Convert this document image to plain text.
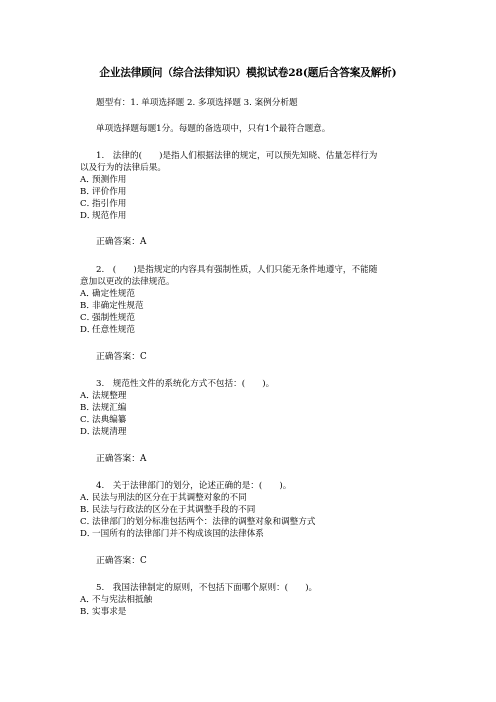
企业法律顾问（综合法律知识）模拟试卷28(题后含答案及解析)
题型有：1. 单项选择题 2. 多项选择题 3. 案例分析题
单项选择题每题1分。每题的备选项中，只有1个最符合题意。
1.　法律的(　　)是指人们根据法律的规定，可以预先知晓、估量怎样行为
以及行为的法律后果。
A．预测作用
B．评价作用
C．指引作用
D．规范作用
正确答案：A
2.　(　　)是指规定的内容具有强制性质，人们只能无条件地遵守，不能随
意加以更改的法律规范。
A．确定性规范
B．非确定性规范
C．强制性规范
D．任意性规范
正确答案：C
3.　规范性文件的系统化方式不包括：(　　)。
A．法规整理
B．法规汇编
C．法典编纂
D．法规清理
正确答案：A
4.　关于法律部门的划分，论述正确的是：(　　)。
A．民法与刑法的区分在于其调整对象的不同
B．民法与行政法的区分在于其调整手段的不同
C．法律部门的划分标准包括两个：法律的调整对象和调整方式
D．一国所有的法律部门并不构成该国的法律体系
正确答案：C
5.　我国法律制定的原则，不包括下面哪个原则：(　　)。
A．不与宪法相抵触
B．实事求是
